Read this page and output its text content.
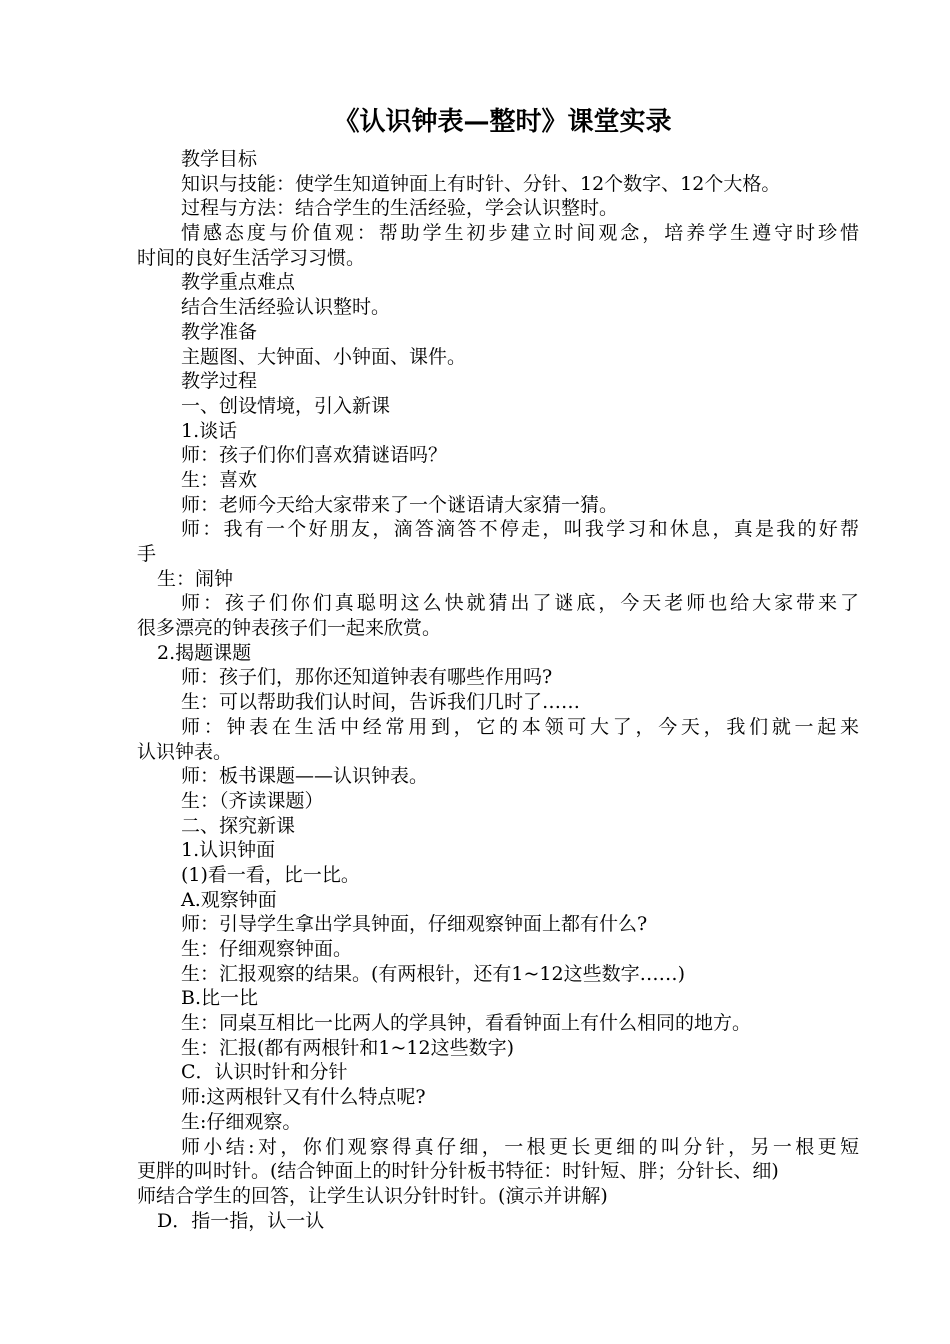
《认识钟表—整时》课堂实录
教学目标
知识与技能：使学生知道钟面上有时针、分针、12个数字、12个大格。
过程与方法：结合学生的生活经验，学会认识整时。
情感态度与价值观：帮助学生初步建立时间观念，培养学生遵守时珍惜
时间的良好生活学习习惯。
教学重点难点
结合生活经验认识整时。
教学准备
主题图、大钟面、小钟面、课件。
教学过程
一、创设情境，引入新课
1.谈话
师：孩子们你们喜欢猜谜语吗？
生：喜欢
师：老师今天给大家带来了一个谜语请大家猜一猜。
师：我有一个好朋友，滴答滴答不停走，叫我学习和休息，真是我的好帮
手
生：闹钟
师：孩子们你们真聪明这么快就猜出了谜底，今天老师也给大家带来了
很多漂亮的钟表孩子们一起来欣赏。
2.揭题课题
师：孩子们，那你还知道钟表有哪些作用吗?
生：可以帮助我们认时间，告诉我们几时了……
师：钟表在生活中经常用到，它的本领可大了，今天，我们就一起来
认识钟表。
师：板书课题——认识钟表。
生：（齐读课题）
二、探究新课
1.认识钟面
(1)看一看，比一比。
A.观察钟面
师：引导学生拿出学具钟面，仔细观察钟面上都有什么?
生：仔细观察钟面。
生：汇报观察的结果。(有两根针，还有1~12这些数字……)
B.比一比
生：同桌互相比一比两人的学具钟，看看钟面上有什么相同的地方。
生：汇报(都有两根针和1~12这些数字)
C．认识时针和分针
师:这两根针又有什么特点呢?
生:仔细观察。
师小结:对，你们观察得真仔细，一根更长更细的叫分针，另一根更短
更胖的叫时针。(结合钟面上的时针分针板书特征：时针短、胖；分针长、细)
师结合学生的回答，让学生认识分针时针。(演示并讲解)
D．指一指，认一认
